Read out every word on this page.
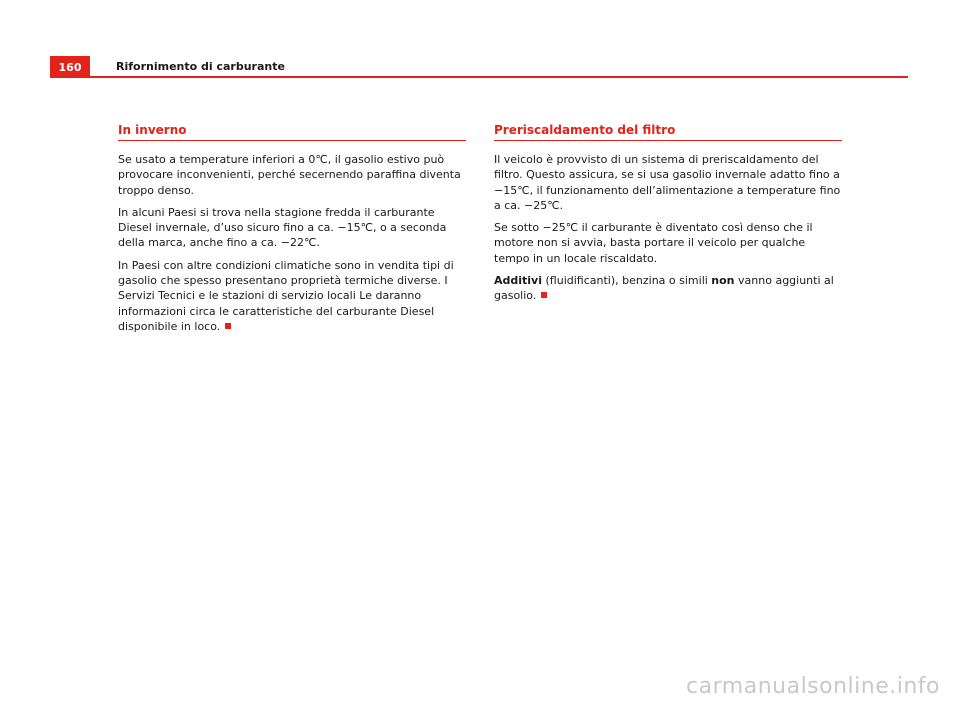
160	Rifornimento di carburante
In inverno

Se usato a temperature inferiori a 0℃, il gasolio estivo può provocare inconvenienti, perché secernendo paraffina diventa troppo denso.

In alcuni Paesi si trova nella stagione fredda il carburante Diesel invernale, d’uso sicuro fino a ca. −15℃, o a seconda della marca, anche fino a ca. −22℃.

In Paesi con altre condizioni climatiche sono in vendita tipi di gasolio che spesso presentano proprietà termiche diverse. I Servizi Tecnici e le stazioni di servizio locali Le daranno informazioni circa le caratteristiche del carburante Diesel disponibile in loco.

Preriscaldamento del filtro

Il veicolo è provvisto di un sistema di preriscaldamento del filtro. Questo assicura, se si usa gasolio invernale adatto fino a −15℃, il funzionamento dell’alimentazione a temperature fino a ca. −25℃.

Se sotto −25℃ il carburante è diventato così denso che il motore non si avvia, basta portare il veicolo per qualche tempo in un locale riscaldato.

Additivi (fluidificanti), benzina o simili non vanno aggiunti al gasolio.

carmanualsonline.info
